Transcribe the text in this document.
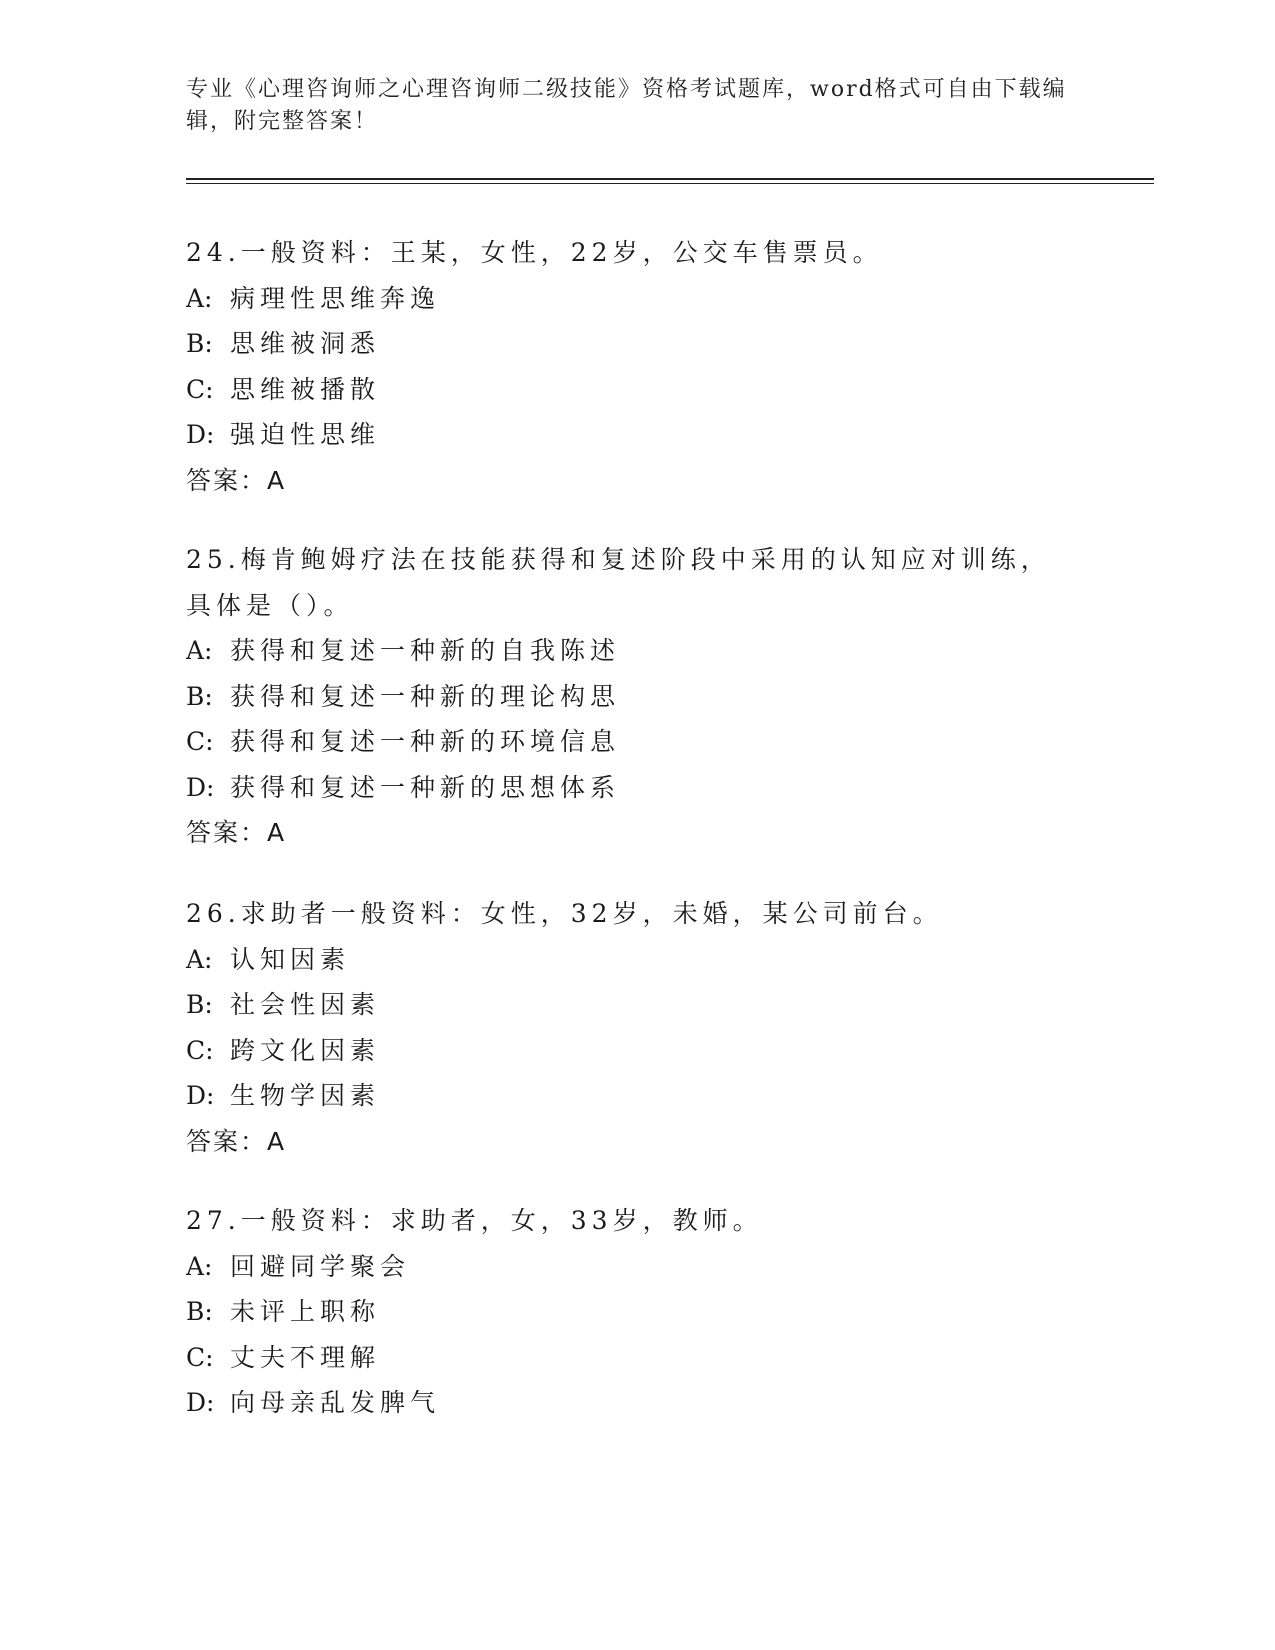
专业《心理咨询师之心理咨询师二级技能》资格考试题库，word格式可自由下载编辑，附完整答案！
24.一般资料：王某，女性，22岁，公交车售票员。
A: 病理性思维奔逸
B: 思维被洞悉
C: 思维被播散
D: 强迫性思维
答案：A
25.梅肯鲍姆疗法在技能获得和复述阶段中采用的认知应对训练，具体是（）。
A: 获得和复述一种新的自我陈述
B: 获得和复述一种新的理论构思
C: 获得和复述一种新的环境信息
D: 获得和复述一种新的思想体系
答案：A
26.求助者一般资料：女性，32岁，未婚，某公司前台。
A: 认知因素
B: 社会性因素
C: 跨文化因素
D: 生物学因素
答案：A
27.一般资料：求助者，女，33岁，教师。
A: 回避同学聚会
B: 未评上职称
C: 丈夫不理解
D: 向母亲乱发脾气
